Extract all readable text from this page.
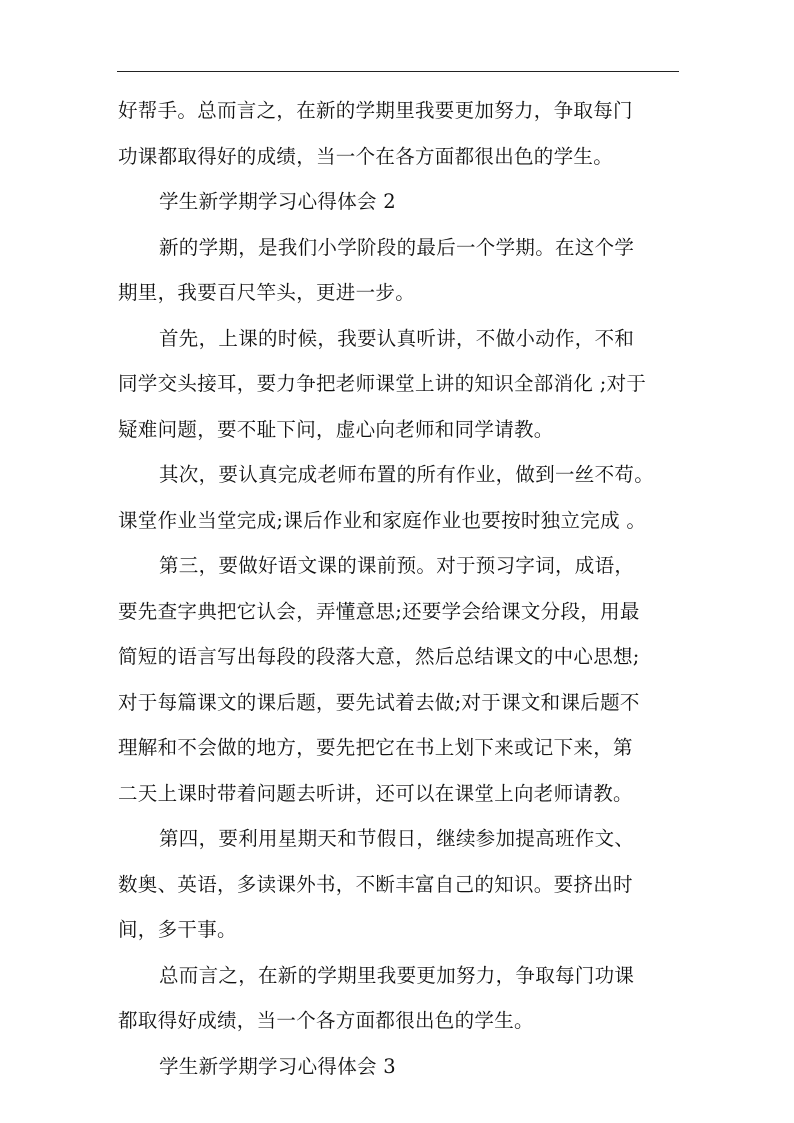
好帮手。总而言之，在新的学期里我要更加努力，争取每门
功课都取得好的成绩，当一个在各方面都很出色的学生。
学生新学期学习心得体会 2
新的学期，是我们小学阶段的最后一个学期。在这个学
期里，我要百尺竿头，更进一步。
首先，上课的时候，我要认真听讲，不做小动作，不和
同学交头接耳，要力争把老师课堂上讲的知识全部消化 ;对于
疑难问题，要不耻下问，虚心向老师和同学请教。
其次，要认真完成老师布置的所有作业，做到一丝不苟。
课堂作业当堂完成;课后作业和家庭作业也要按时独立完成 。
第三，要做好语文课的课前预。对于预习字词，成语，
要先查字典把它认会，弄懂意思;还要学会给课文分段，用最
简短的语言写出每段的段落大意，然后总结课文的中心思想;
对于每篇课文的课后题，要先试着去做;对于课文和课后题不
理解和不会做的地方，要先把它在书上划下来或记下来，第
二天上课时带着问题去听讲，还可以在课堂上向老师请教。
第四，要利用星期天和节假日，继续参加提高班作文、
数奥、英语，多读课外书，不断丰富自己的知识。要挤出时
间，多干事。
总而言之，在新的学期里我要更加努力，争取每门功课
都取得好成绩，当一个各方面都很出色的学生。
学生新学期学习心得体会 3
